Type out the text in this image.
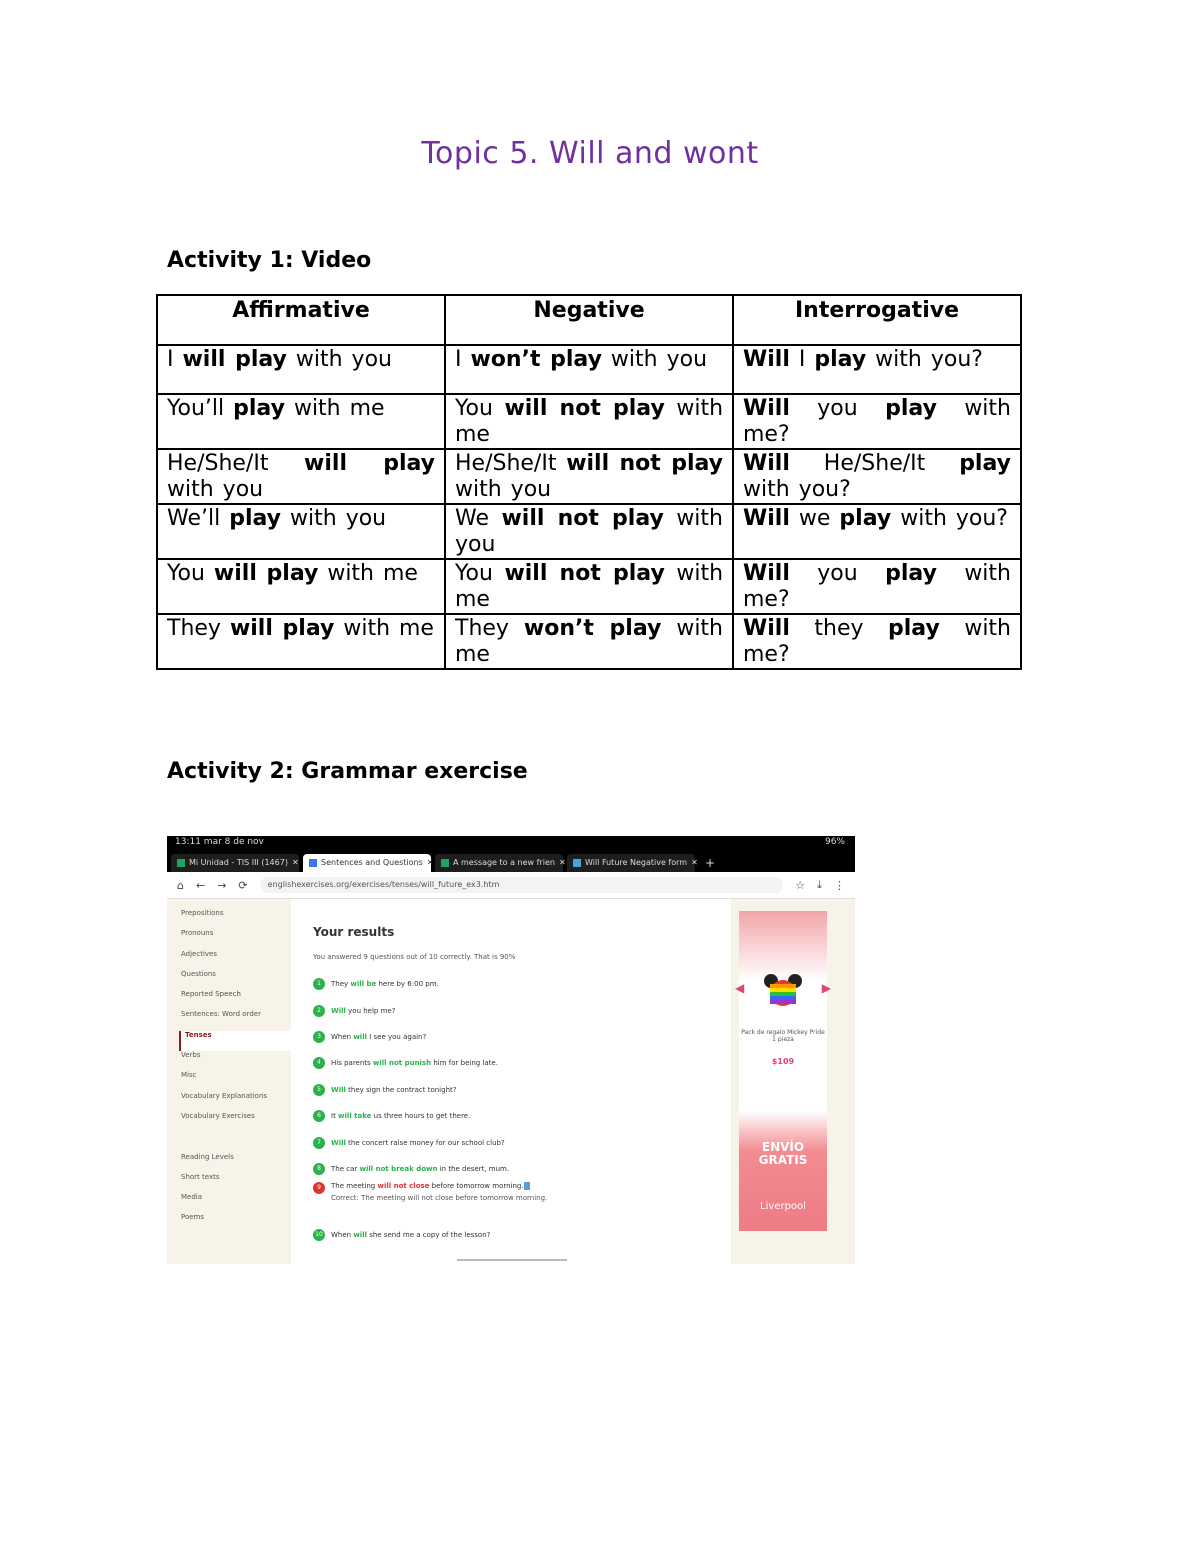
Topic 5. Will and wont
Activity 1: Video
Affirmative	Negative	Interrogative
I will play with you	I won’t play with you	Will I play with you?
You’ll play with me	You will not play with me	Will you play with me?
He/She/It will play with you	He/She/It will not play with you	Will He/She/It play with you?
We’ll play with you	We will not play with you	Will we play with you?
You will play with me	You will not play with me	Will you play with me?
They will play with me	They won’t play with me	Will they play with me?
Activity 2: Grammar exercise
13:11 mar 8 de nov	96%
Mi Unidad - TIS III (1467) ✕	Sentences and Questions ✕ A message to a new frien ✕ Will Future Negative form ✕ +
⌂ ← → ⟳	englishexercises.org/exercises/tenses/will_future_ex3.htm	☆ ⤓ ⋮
Prepositions
Pronouns
Adjectives
Questions
Reported Speech
Sentences: Word order
Tenses
Verbs
Misc
Vocabulary Explanations
Vocabulary Exercises
Reading Levels
Short texts
Media
Poems
Your results
You answered 9 questions out of 10 correctly. That is 90%
1	They will be here by 6:00 pm.
2	Will you help me?
3	When will I see you again?
4	His parents will not punish him for being late.
5	Will they sign the contract tonight?
6	It will take us three hours to get there.
7	Will the concert raise money for our school club?
8	The car will not break down in the desert, mum.
9	The meeting will not close before tomorrow morning.
Correct: The meeting will not close before tomorrow morning.
10	When will she send me a copy of the lesson?
◀	▶
Pack de regalo Mickey Pride 1 pieza
$109
ENVÍO GRATIS
Liverpool
